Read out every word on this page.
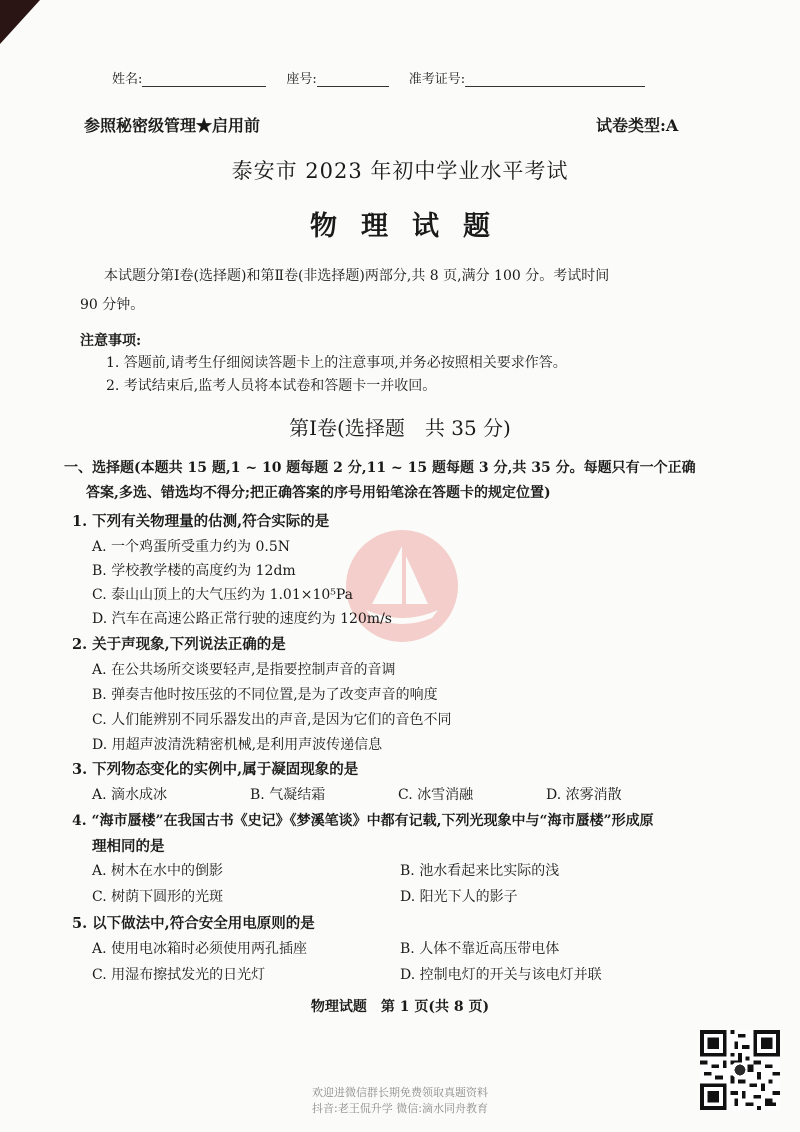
姓名:	座号:	准考证号:
参照秘密级管理★启用前	试卷类型:A
泰安市 2023 年初中学业水平考试
物理试题
本试题分第Ⅰ卷(选择题)和第Ⅱ卷(非选择题)两部分,共 8 页,满分 100 分。考试时间
90 分钟。
注意事项:
1. 答题前,请考生仔细阅读答题卡上的注意事项,并务必按照相关要求作答。
2. 考试结束后,监考人员将本试卷和答题卡一并收回。
第Ⅰ卷(选择题　共 35 分)
一、选择题(本题共 15 题,1 ~ 10 题每题 2 分,11 ~ 15 题每题 3 分,共 35 分。每题只有一个正确
答案,多选、错选均不得分;把正确答案的序号用铅笔涂在答题卡的规定位置)
1. 下列有关物理量的估测,符合实际的是
A. 一个鸡蛋所受重力约为 0.5N
B. 学校教学楼的高度约为 12dm
C. 泰山山顶上的大气压约为 1.01×10⁵Pa
D. 汽车在高速公路正常行驶的速度约为 120m/s
2. 关于声现象,下列说法正确的是
A. 在公共场所交谈要轻声,是指要控制声音的音调
B. 弹奏吉他时按压弦的不同位置,是为了改变声音的响度
C. 人们能辨别不同乐器发出的声音,是因为它们的音色不同
D. 用超声波清洗精密机械,是利用声波传递信息
3. 下列物态变化的实例中,属于凝固现象的是
A. 滴水成冰	B. 气凝结霜	C. 冰雪消融	D. 浓雾消散
4. “海市蜃楼”在我国古书《史记》《梦溪笔谈》中都有记载,下列光现象中与“海市蜃楼”形成原
理相同的是
A. 树木在水中的倒影	B. 池水看起来比实际的浅
C. 树荫下圆形的光斑	D. 阳光下人的影子
5. 以下做法中,符合安全用电原则的是
A. 使用电冰箱时必须使用两孔插座	B. 人体不靠近高压带电体
C. 用湿布擦拭发光的日光灯	D. 控制电灯的开关与该电灯并联
物理试题　第 1 页(共 8 页)
欢迎进微信群长期免费领取真题资料
抖音:老王侃升学 微信:滴水同舟教育
